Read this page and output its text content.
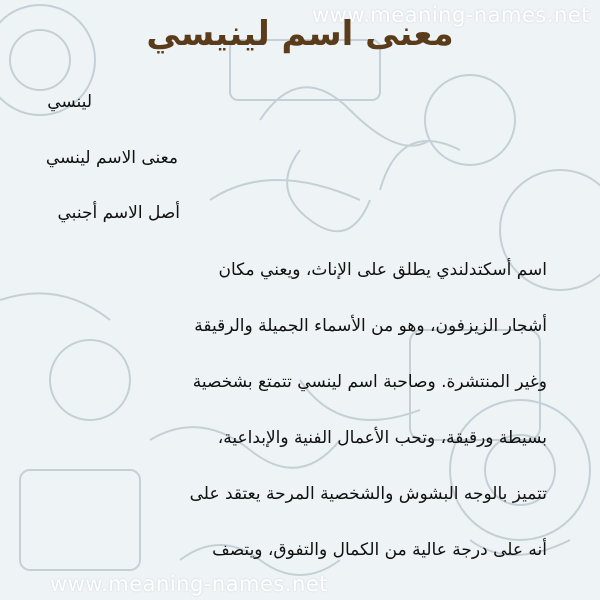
www.meaning-names.net
معنى اسم لينيسي
لينسي
معنى الاسم لينسي
أصل الاسم أجنبي
اسم أسكتدلندي يطلق على الإناث، ويعني مكان
أشجار الزيزفون، وهو من الأسماء الجميلة والرقيقة
وغير المنتشرة. وصاحبة اسم لينسي تتمتع بشخصية
بسيطة ورقيقة، وتحب الأعمال الفنية والإبداعية،
تتميز بالوجه البشوش والشخصية المرحة يعتقد على
أنه على درجة عالية من الكمال والتفوق، ويتصف
www.meaning-names.net
